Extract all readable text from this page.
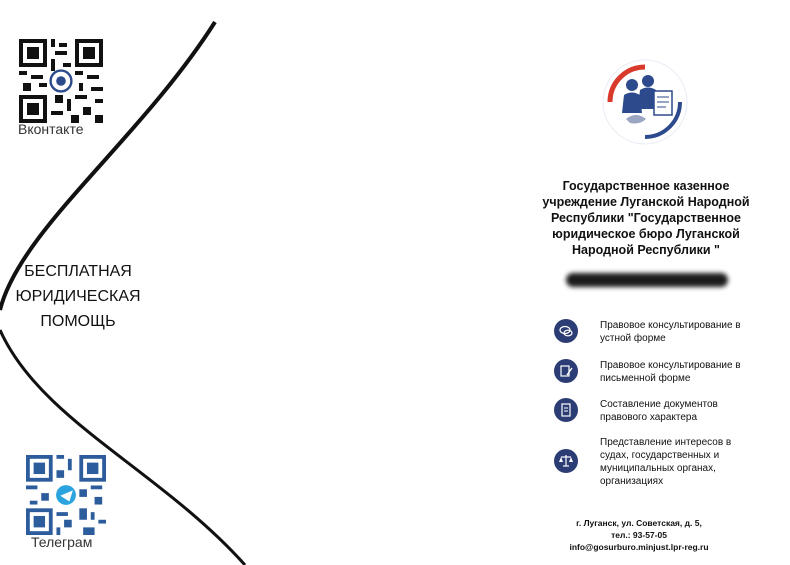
Вконтакте
БЕСПЛАТНАЯ
ЮРИДИЧЕСКАЯ
ПОМОЩЬ
Телеграм
Государственное казенное
учреждение Луганской Народной
Республики "Государственное
юридическое бюро Луганской
Народной Республики "
Правовое консультирование в
устной форме
Правовое консультирование в
письменной форме
Составление документов
правового характера
Представление интересов в
судах, государственных и
муниципальных органах,
организациях
г. Луганск, ул. Советская, д. 5,
тел.: 93-57-05
info@gosurburo.minjust.lpr-reg.ru
